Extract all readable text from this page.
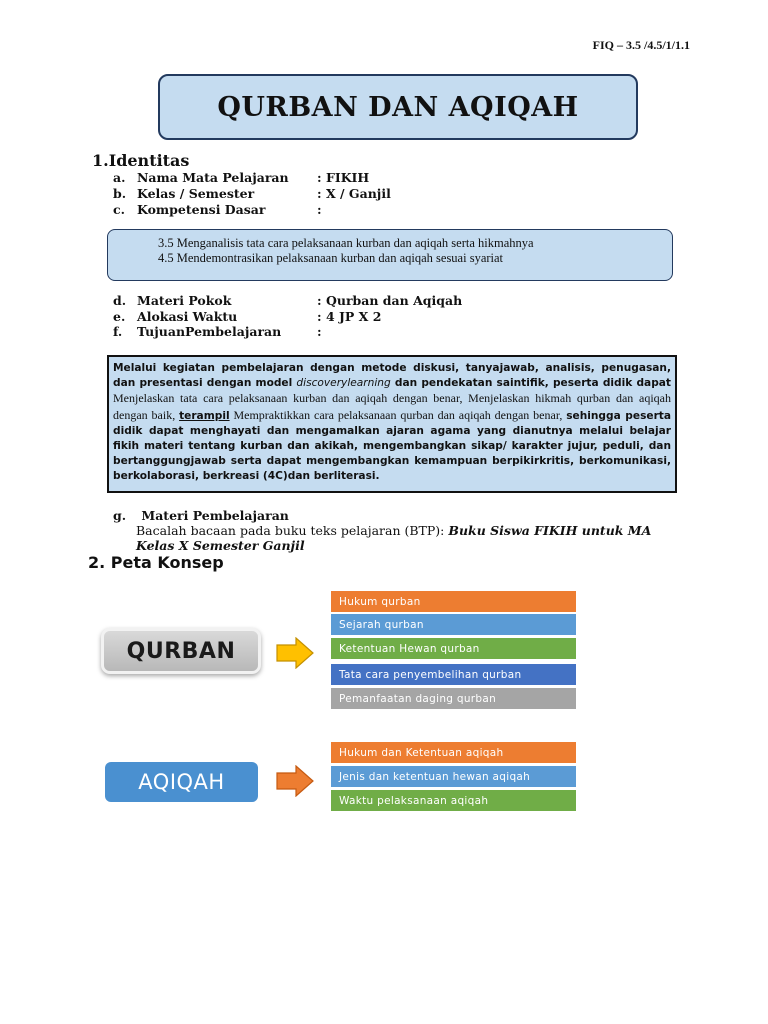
FIQ – 3.5 /4.5/1/1.1
QURBAN DAN AQIQAH
1.Identitas
a. Nama Mata Pelajaran	: FIKIH
b. Kelas / Semester	: X / Ganjil
c. Kompetensi Dasar	:
3.5 Menganalisis tata cara pelaksanaan kurban dan aqiqah serta hikmahnya
4.5 Mendemontrasikan pelaksanaan kurban dan aqiqah sesuai syariat
d. Materi Pokok	: Qurban dan Aqiqah
e. Alokasi Waktu	: 4 JP X 2
f.	TujuanPembelajaran	:

Melalui kegiatan pembelajaran dengan metode diskusi, tanyajawab, analisis, penugasan, dan presentasi dengan model discoverylearning dan pendekatan saintifik, peserta didik dapat Menjelaskan tata cara pelaksanaan kurban dan aqiqah dengan benar, Menjelaskan hikmah qurban dan aqiqah dengan baik, terampil Mempraktikkan cara pelaksanaan qurban dan aqiqah dengan benar, sehingga peserta didik dapat menghayati dan mengamalkan ajaran agama yang dianutnya melalui belajar fikih materi tentang kurban dan akikah, mengembangkan sikap/ karakter jujur, peduli, dan bertanggungjawab serta dapat mengembangkan kemampuan berpikirkritis, berkomunikasi, berkolaborasi, berkreasi (4C)dan berliterasi.

g. Materi Pembelajaran
Bacalah bacaan pada buku teks pelajaran (BTP): Buku Siswa FIKIH untuk MA Kelas X Semester Ganjil
2. Peta Konsep
QURBAN
Hukum qurban
Sejarah qurban
Ketentuan Hewan qurban
Tata cara penyembelihan qurban
Pemanfaatan daging qurban
AQIQAH
Hukum dan Ketentuan aqiqah
Jenis dan ketentuan hewan aqiqah
Waktu pelaksanaan aqiqah
